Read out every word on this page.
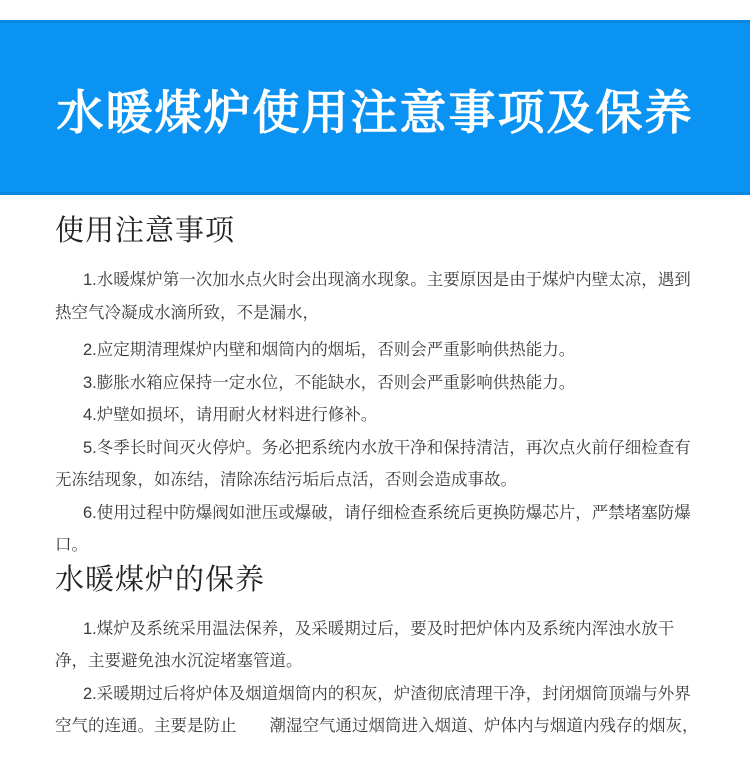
水暖煤炉使用注意事项及保养
使用注意事项

1.水暖煤炉第一次加水点火时会出现滴水现象。主要原因是由于煤炉内壁太凉，遇到热空气冷凝成水滴所致，不是漏水，

2.应定期清理煤炉内壁和烟筒内的烟垢，否则会严重影响供热能力。

3.膨胀水箱应保持一定水位，不能缺水，否则会严重影响供热能力。

4.炉壁如损坏，请用耐火材料进行修补。

5.冬季长时间灭火停炉。务必把系统内水放干净和保持清洁，再次点火前仔细检查有无冻结现象，如冻结，清除冻结污垢后点活，否则会造成事故。

6.使用过程中防爆阀如泄压或爆破，请仔细检查系统后更换防爆芯片，严禁堵塞防爆口。

水暖煤炉的保养

1.煤炉及系统采用温法保养，及采暖期过后，要及时把炉体内及系统内浑浊水放干净，主要避免浊水沉淀堵塞管道。

2.采暖期过后将炉体及烟道烟筒内的积灰，炉渣彻底清理干净，封闭烟筒顶端与外界空气的连通。主要是防止　　潮湿空气通过烟筒进入烟道、炉体内与烟道内残存的烟灰，
